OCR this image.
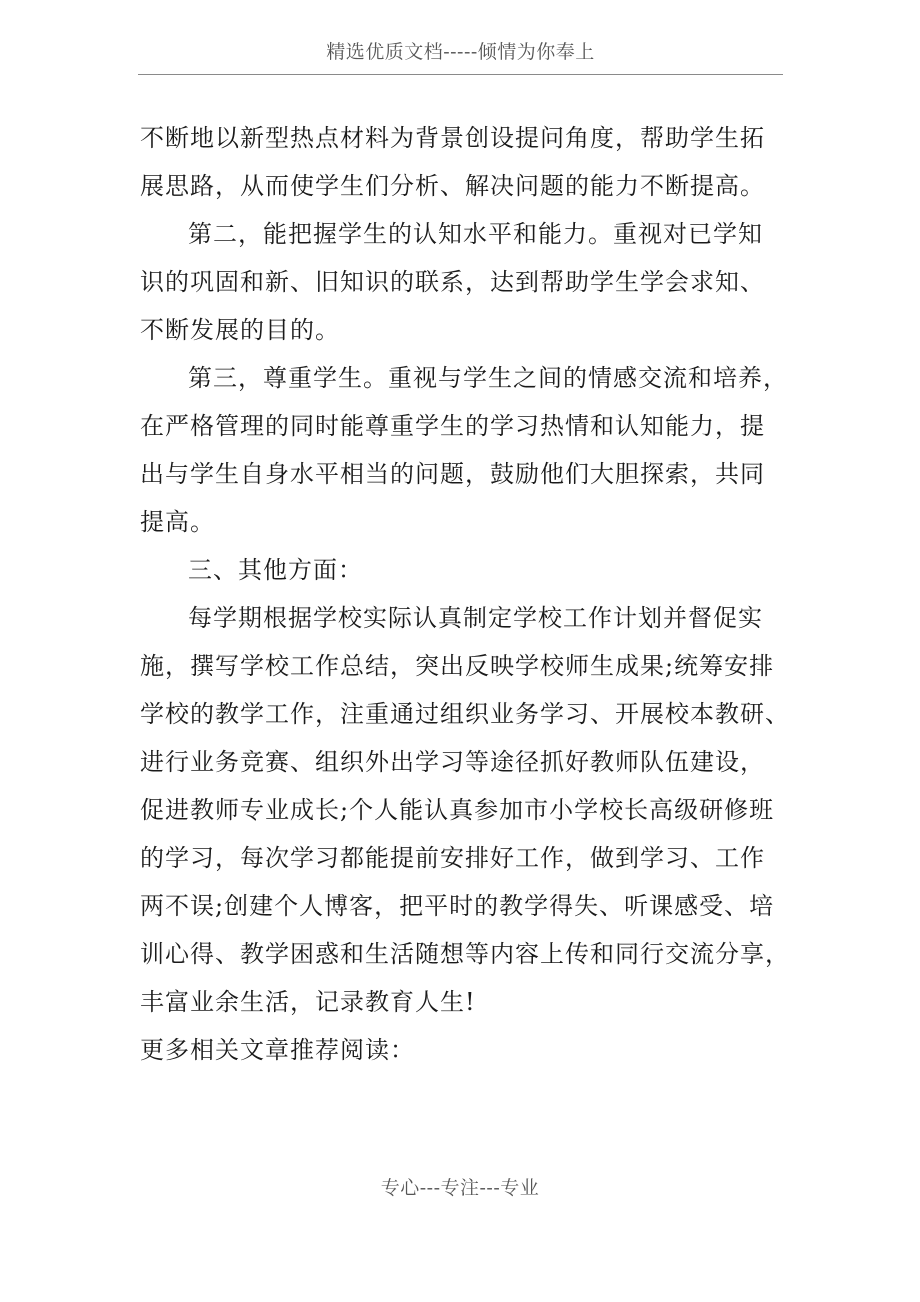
精选优质文档-----倾情为你奉上
不断地以新型热点材料为背景创设提问角度，帮助学生拓
展思路，从而使学生们分析、解决问题的能力不断提高。
第二，能把握学生的认知水平和能力。重视对已学知
识的巩固和新、旧知识的联系，达到帮助学生学会求知、
不断发展的目的。
第三，尊重学生。重视与学生之间的情感交流和培养，
在严格管理的同时能尊重学生的学习热情和认知能力，提
出与学生自身水平相当的问题，鼓励他们大胆探索，共同
提高。
三、其他方面：
每学期根据学校实际认真制定学校工作计划并督促实
施，撰写学校工作总结，突出反映学校师生成果;统筹安排
学校的教学工作，注重通过组织业务学习、开展校本教研、
进行业务竞赛、组织外出学习等途径抓好教师队伍建设，
促进教师专业成长;个人能认真参加市小学校长高级研修班
的学习，每次学习都能提前安排好工作，做到学习、工作
两不误;创建个人博客，把平时的教学得失、听课感受、培
训心得、教学困惑和生活随想等内容上传和同行交流分享，
丰富业余生活，记录教育人生!
更多相关文章推荐阅读：
专心---专注---专业
